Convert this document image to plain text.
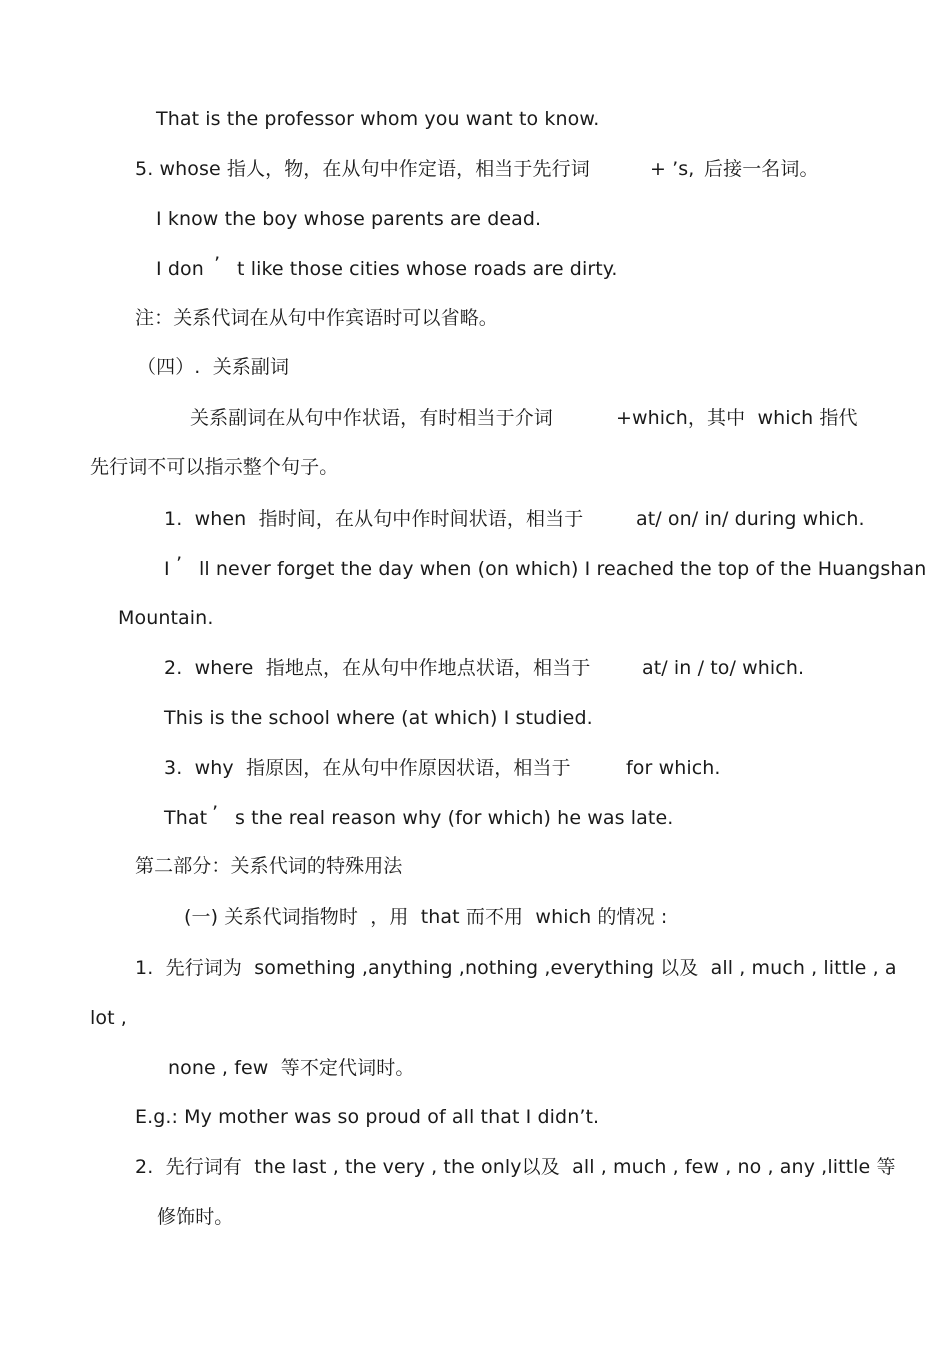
That is the professor whom you want to know.
5. whose 指人，物，在从句中作定语，相当于先行词	+ ’s, 后接一名词。
I know the boy whose parents are dead.
I don ’ t like those cities whose roads are dirty.
注：关系代词在从句中作宾语时可以省略。
（四）.  关系副词
关系副词在从句中作状语，有时相当于介词	+which，其中  which 指代
先行词不可以指示整个句子。
1.  when  指时间，在从句中作时间状语，相当于	at/ on/ in/ during which.
I ’ ll never forget the day when (on which) I reached the top of the Huangshan
Mountain.
2.  where  指地点，在从句中作地点状语，相当于	at/ in / to/ which.
This is the school where (at which) I studied.
3.  why  指原因，在从句中作原因状语，相当于	for which.
That ’ s the real reason why (for which) he was late.
第二部分：关系代词的特殊用法
(一) 关系代词指物时  ，用  that 而不用  which 的情况 :
1.  先行词为  something ,anything ,nothing ,everything 以及  all , much , little , a
lot ,
none , few  等不定代词时。
E.g.: My mother was so proud of all that I didn’t.
2.  先行词有  the last , the very , the only以及  all , much , few , no , any ,little 等
修饰时。
